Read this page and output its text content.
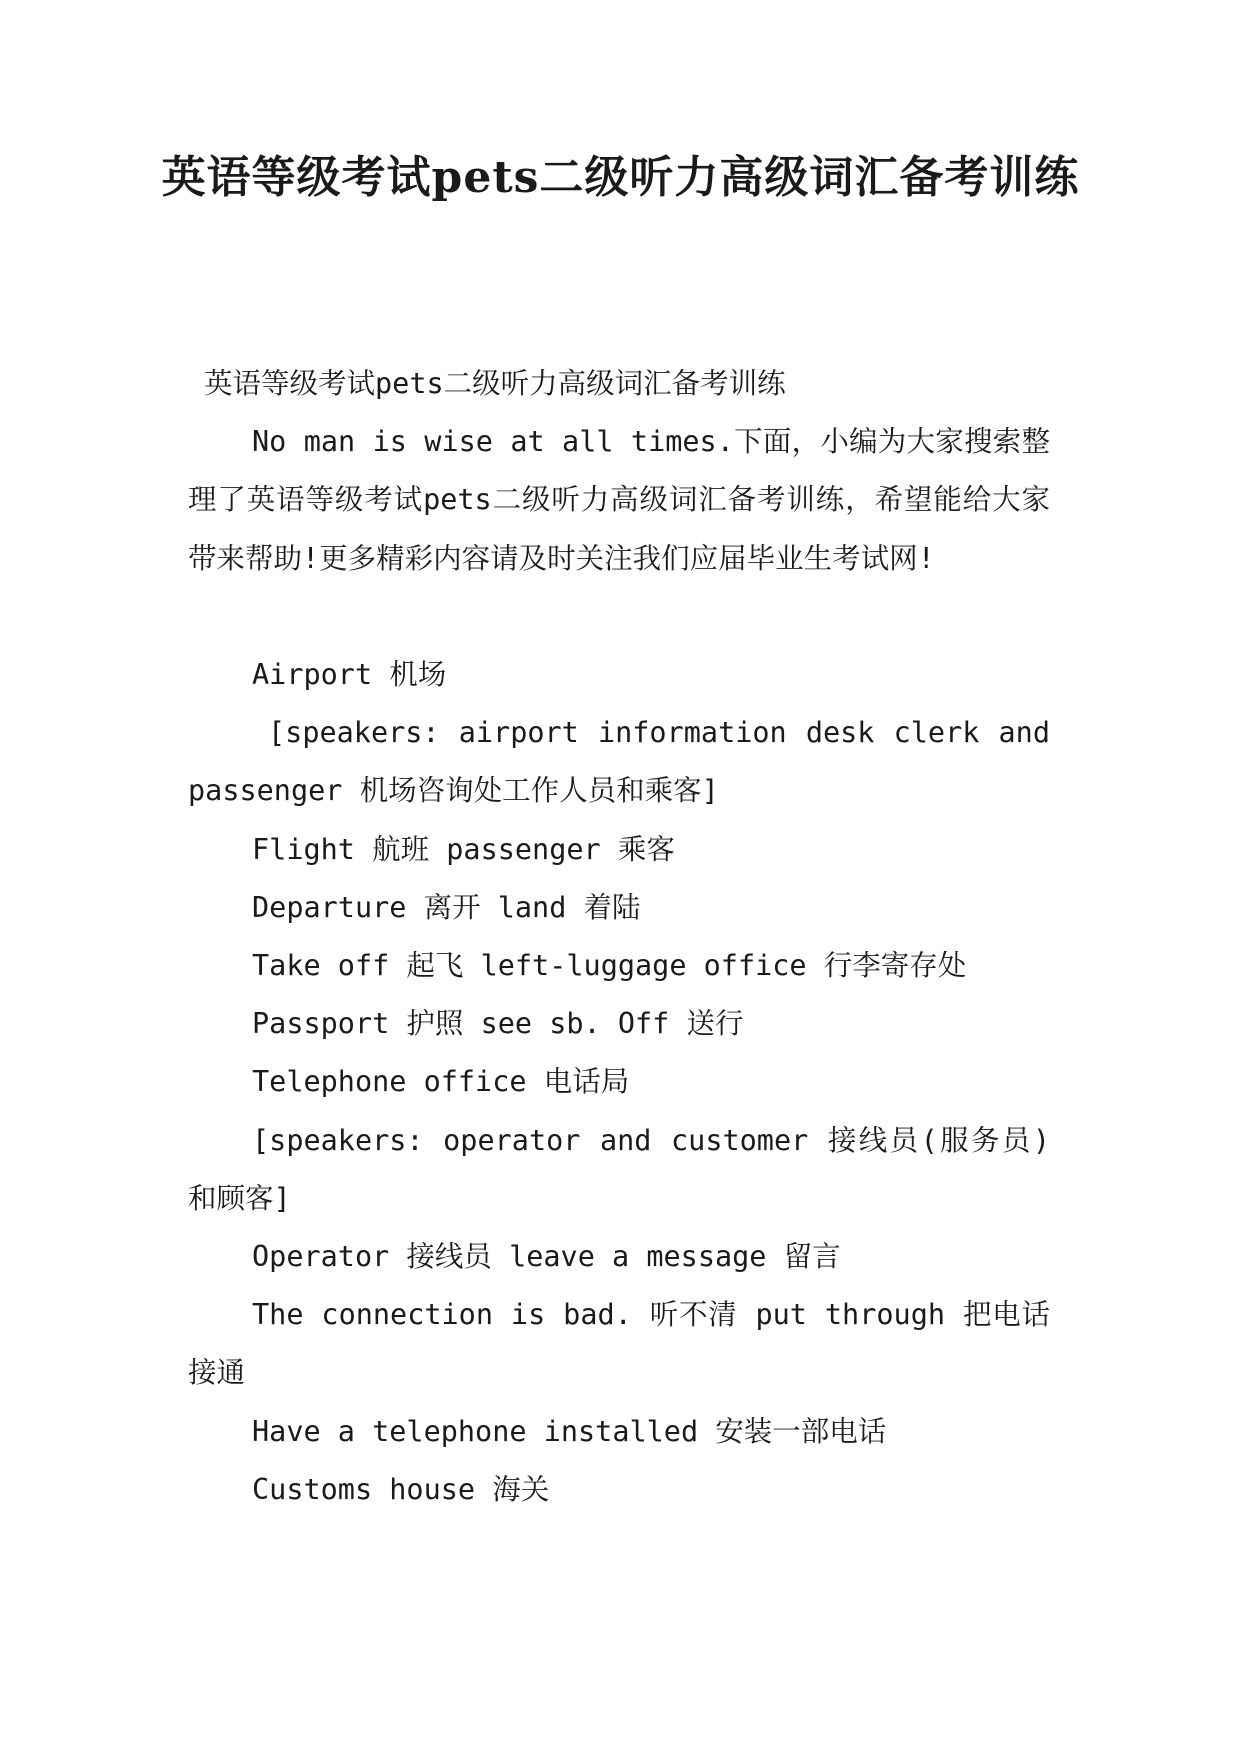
英语等级考试pets二级听力高级词汇备考训练

英语等级考试pets二级听力高级词汇备考训练

No man is wise at all times.下面，小编为大家搜索整理了英语等级考试pets二级听力高级词汇备考训练，希望能给大家带来帮助!更多精彩内容请及时关注我们应届毕业生考试网!

Airport 机场

[speakers: airport information desk clerk and passenger 机场咨询处工作人员和乘客]

Flight 航班 passenger 乘客

Departure 离开 land 着陆

Take off 起飞 left-luggage office 行李寄存处

Passport 护照 see sb. Off 送行

Telephone office 电话局

[speakers: operator and customer 接线员(服务员)和顾客]

Operator 接线员 leave a message 留言

The connection is bad. 听不清 put through 把电话接通

Have a telephone installed 安装一部电话

Customs house 海关
